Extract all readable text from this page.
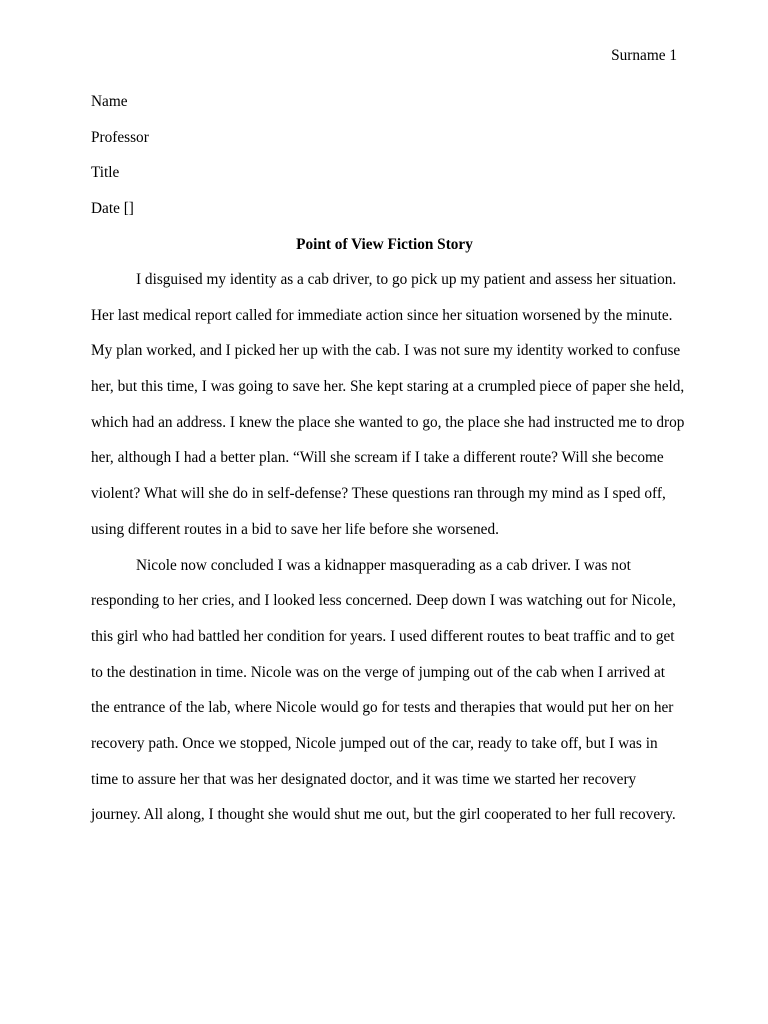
Surname 1
Name
Professor
Title
Date []
Point of View Fiction Story
I disguised my identity as a cab driver, to go pick up my patient and assess her situation.
Her last medical report called for immediate action since her situation worsened by the minute.
My plan worked, and I picked her up with the cab. I was not sure my identity worked to confuse
her, but this time, I was going to save her. She kept staring at a crumpled piece of paper she held,
which had an address. I knew the place she wanted to go, the place she had instructed me to drop
her, although I had a better plan. “Will she scream if I take a different route? Will she become
violent? What will she do in self-defense? These questions ran through my mind as I sped off,
using different routes in a bid to save her life before she worsened.
Nicole now concluded I was a kidnapper masquerading as a cab driver. I was not
responding to her cries, and I looked less concerned. Deep down I was watching out for Nicole,
this girl who had battled her condition for years. I used different routes to beat traffic and to get
to the destination in time. Nicole was on the verge of jumping out of the cab when I arrived at
the entrance of the lab, where Nicole would go for tests and therapies that would put her on her
recovery path. Once we stopped, Nicole jumped out of the car, ready to take off, but I was in
time to assure her that was her designated doctor, and it was time we started her recovery
journey. All along, I thought she would shut me out, but the girl cooperated to her full recovery.
